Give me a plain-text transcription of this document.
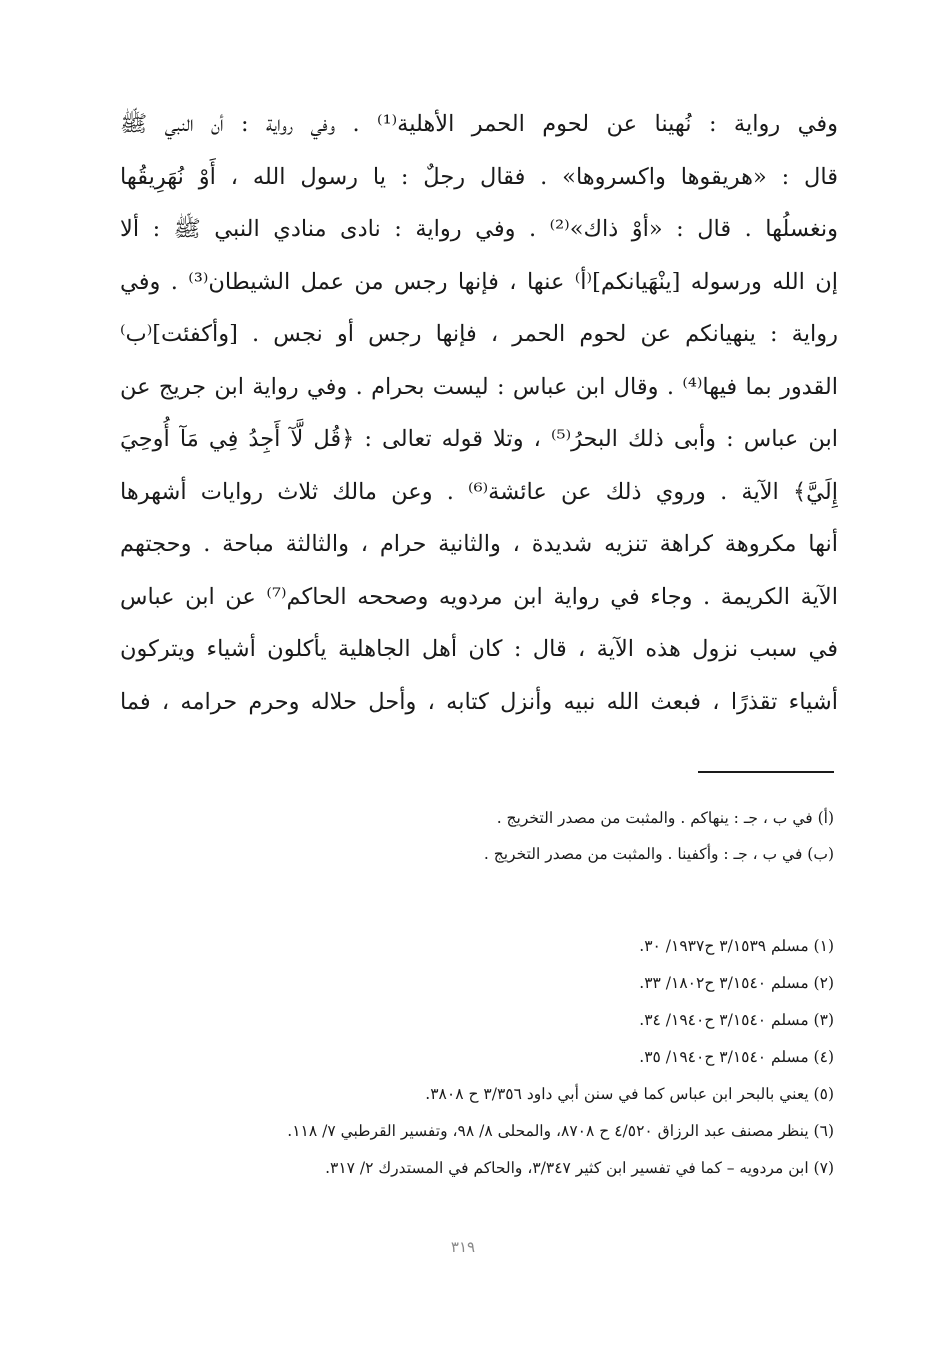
وفي رواية : نُهينا عن لحوم الحمر الأهلية⁽¹⁾ . وفي رواية : أن النبي ﷺ
قال : «هريقوها واكسروها» . فقال رجلٌ : يا رسول الله ، أَوْ نُهَرِيقُها
ونغسلُها . قال : «أوْ ذاك»⁽²⁾ . وفي رواية : نادى منادي النبي ﷺ : ألا
إن الله ورسوله [ينْهَيانكم]⁽أ⁾ عنها ، فإنها رجس من عمل الشيطان⁽³⁾ . وفي
رواية : ينهيانكم عن لحوم الحمر ، فإنها رجس أو نجس . [وأكفئت]⁽ب⁾
القدور بما فيها⁽⁴⁾ . وقال ابن عباس : ليست بحرام . وفي رواية ابن جريج عن
ابن عباس : وأبى ذلك البحرُ⁽⁵⁾ ، وتلا قوله تعالى : ﴿قُل لَّآ أَجِدُ فِي مَآ أُوحِيَ
إِلَيَّ﴾ الآية . وروي ذلك عن عائشة⁽⁶⁾ . وعن مالك ثلاث روايات أشهرها
أنها مكروهة كراهة تنزيه شديدة ، والثانية حرام ، والثالثة مباحة . وحجتهم
الآية الكريمة . وجاء في رواية ابن مردويه وصححه الحاكم⁽⁷⁾ عن ابن عباس
في سبب نزول هذه الآية ، قال : كان أهل الجاهلية يأكلون أشياء ويتركون
أشياء تقذرًا ، فبعث الله نبيه وأنزل كتابه ، وأحل حلاله وحرم حرامه ، فما
(أ) في ب ، جـ : ينهاكم . والمثبت من مصدر التخريج .
(ب) في ب ، جـ : وأكفينا . والمثبت من مصدر التخريج .
(١) مسلم ٣/١٥٣٩ ح١٩٣٧/ ٣٠.
(٢) مسلم ٣/١٥٤٠ ح١٨٠٢/ ٣٣.
(٣) مسلم ٣/١٥٤٠ ح١٩٤٠/ ٣٤.
(٤) مسلم ٣/١٥٤٠ ح١٩٤٠/ ٣٥.
(٥) يعني بالبحر ابن عباس كما في سنن أبي داود ٣/٣٥٦ ح ٣٨٠٨.
(٦) ينظر مصنف عبد الرزاق ٤/٥٢٠ ح ٨٧٠٨، والمحلى ٨/ ٩٨، وتفسير القرطبي ٧/ ١١٨.
(٧) ابن مردويه – كما في تفسير ابن كثير ٣/٣٤٧، والحاكم في المستدرك ٢/ ٣١٧.
٣١٩
